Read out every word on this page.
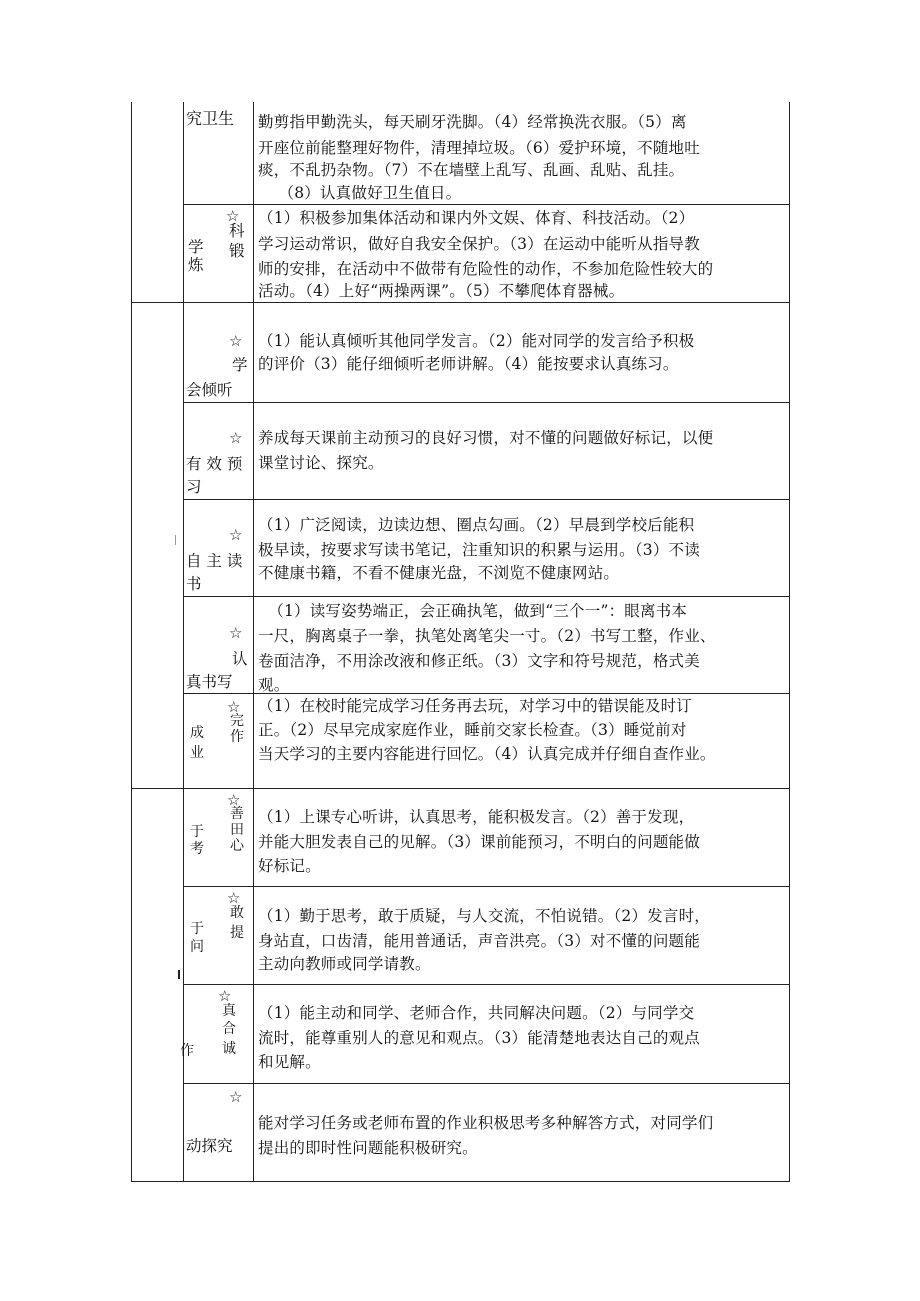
究卫生 勤剪指甲勤洗头，每天刷牙洗脚。（4）经常换洗衣服。（5）离
开座位前能整理好物件，清理掉垃圾。（6）爱护环境，不随地吐
痰，不乱扔杂物。（7）不在墙壁上乱写、乱画、乱贴、乱挂。
（8）认真做好卫生值日。
☆
科
学 锻
炼
（1）积极参加集体活动和课内外文娱、体育、科技活动。（2）
学习运动常识，做好自我安全保护。（3）在运动中能听从指导教
师的安排，在活动中不做带有危险性的动作，不参加危险性较大的
活动。（4）上好“两操两课”。（5）不攀爬体育器械。
☆
学
会倾听
（1）能认真倾听其他同学发言。（2）能对同学的发言给予积极
的评价（3）能仔细倾听老师讲解。（4）能按要求认真练习。
☆
有 效 预
习
养成每天课前主动预习的良好习惯，对不懂的问题做好标记，以便
课堂讨论、探究。
☆
自 主 读
书
（1）广泛阅读，边读边想、圈点勾画。（2）早晨到学校后能积
极早读，按要求写读书笔记，注重知识的积累与运用。（3）不读
不健康书籍，不看不健康光盘，不浏览不健康网站。
☆
认
真书写
（1）读写姿势端正，会正确执笔，做到“三个一”：眼离书本
一尺，胸离桌子一拳，执笔处离笔尖一寸。（2）书写工整，作业、
卷面洁净，不用涂改液和修正纸。（3）文字和符号规范，格式美
观。
☆
完
作
成
业
（1）在校时能完成学习任务再去玩，对学习中的错误能及时订
正。（2）尽早完成家庭作业，睡前交家长检查。（3）睡觉前对
当天学习的主要内容能进行回忆。（4）认真完成并仔细自查作业。
☆
善
田
于
考 心
（1）上课专心听讲，认真思考，能积极发言。（2）善于发现，
并能大胆发表自己的见解。（3）课前能预习，不明白的问题能做
好标记。
☆
敢
提
于
问
（1）勤于思考，敢于质疑，与人交流，不怕说错。（2）发言时，
身站直，口齿清，能用普通话，声音洪亮。（3）对不懂的问题能
主动向教师或同学请教。
☆
真
合
作 诚
（1）能主动和同学、老师合作，共同解决问题。（2）与同学交
流时，能尊重别人的意见和观点。（3）能清楚地表达自己的观点
和见解。
☆
动探究
能对学习任务或老师布置的作业积极思考多种解答方式，对同学们
提出的即时性问题能积极研究。
